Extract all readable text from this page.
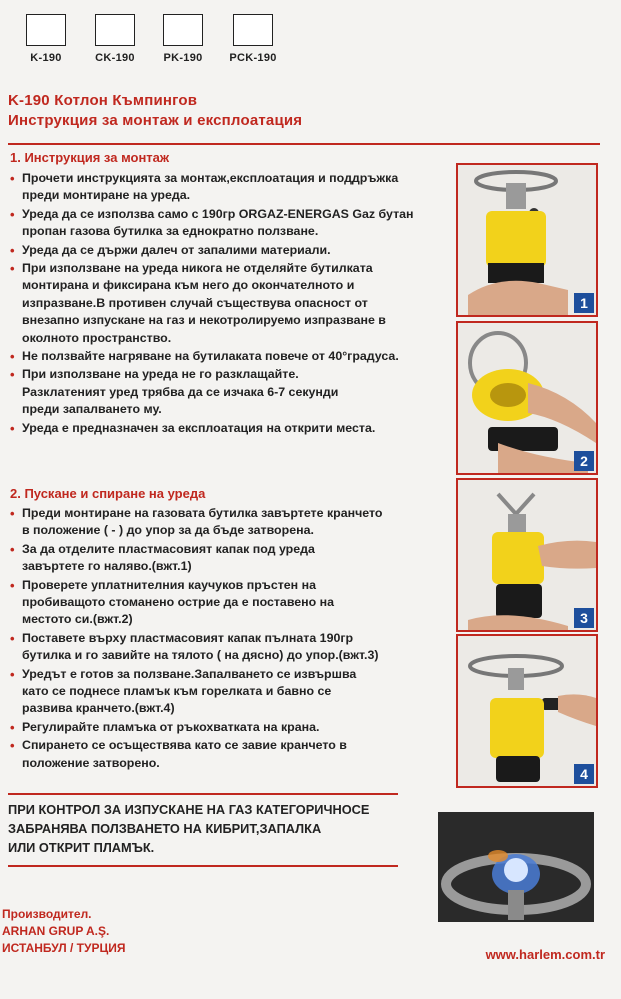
K-190	CK-190	PK-190	PCK-190
K-190 Котлон Къмпингов
Инструкция за монтаж и експлоатация
1. Инструкция за монтаж
• Прочети инструкцията за монтаж,експлоатация и поддръжка
преди монтиране на уреда.
• Уреда да се използва само с 190гр ORGAZ-ENERGAS Gaz бутан
пропан газова бутилка за еднократно ползване.
• Уреда да се държи далеч от запалими материали.
• При използване на уреда никога не отделяйте бутилката
монтирана и фиксирана към него до окончателното и
изпразване.В противен случай съществува опасност от
внезапно изпускане на газ и некотролируемо изпразване в
околното пространство.
• Не ползвайте нагряване на бутилаката повече от 40°градуса.
• При използване на уреда не го разклащайте.
Разклатеният уред трябва да се изчака 6-7 секунди
преди запалването му.
• Уреда е предназначен за експлоатация на открити места.
2. Пускане и спиране на уреда
• Преди монтиране на газовата бутилка завъртете кранчето
в положение ( - ) до упор за да бъде затворена.
• За да отделите пластмасовият капак под уреда
завъртете го наляво.(вжт.1)
• Проверете уплатнителния каучуков пръстен на
пробиващото стоманено острие да е поставено на
местото си.(вжт.2)
• Поставете върху пластмасовият капак пълната 190гр
бутилка и го завийте на тялото ( на дясно) до упор.(вжт.3)
• Уредът е готов за ползване.Запалването се извършва
като се поднесе пламък към горелката и бавно се
развива кранчето.(вжт.4)
• Регулирайте пламъка от ръкохватката на крана.
• Спирането се осъществява като се завие кранчето в
положение затворено.
ПРИ КОНТРОЛ ЗА ИЗПУСКАНЕ НА ГАЗ КАТЕГОРИЧНОСЕ
ЗАБРАНЯВА ПОЛЗВАНЕТО НА КИБРИТ,ЗАПАЛКА
ИЛИ ОТКРИТ ПЛАМЪК.
1
2
3
4
Производител.
ARHAN GRUP A.Ş.
ИСТАНБУЛ / ТУРЦИЯ	www.harlem.com.tr
